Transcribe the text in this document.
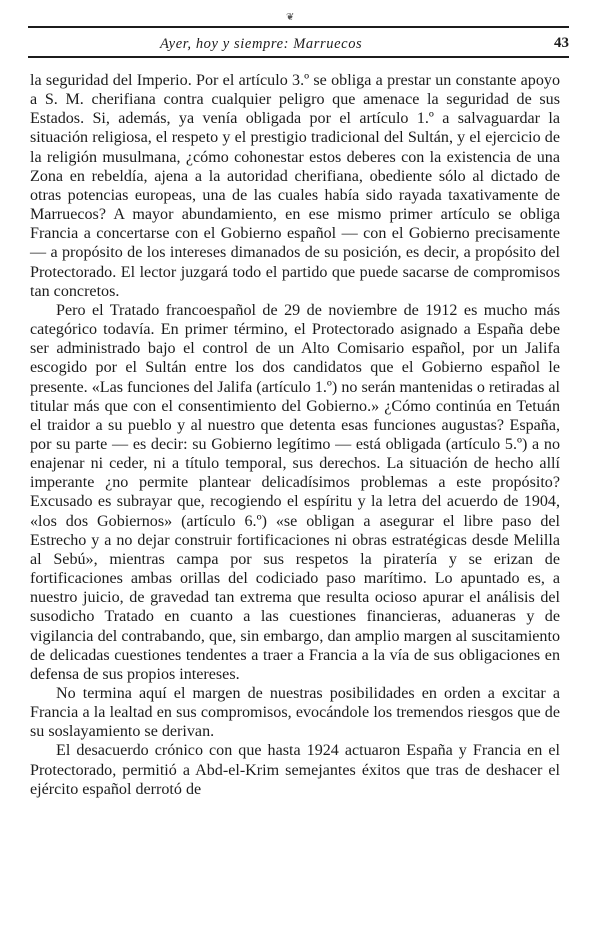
❦
Ayer, hoy y siempre: Marruecos	43

la seguridad del Imperio. Por el artículo 3.º se obliga a prestar un constante apoyo a S. M. cherifiana contra cualquier peligro que amenace la seguridad de sus Estados. Si, además, ya venía obligada por el artículo 1.º a salvaguardar la situación religiosa, el respeto y el prestigio tradicional del Sultán, y el ejercicio de la religión musulmana, ¿cómo cohonestar estos deberes con la existencia de una Zona en rebeldía, ajena a la autoridad cherifiana, obediente sólo al dictado de otras potencias europeas, una de las cuales había sido rayada taxativamente de Marruecos? A mayor abundamiento, en ese mismo primer artículo se obliga Francia a concertarse con el Gobierno español — con el Gobierno precisamente — a propósito de los intereses dimanados de su posición, es decir, a propósito del Protectorado. El lector juzgará todo el partido que puede sacarse de compromisos tan concretos.

Pero el Tratado francoespañol de 29 de noviembre de 1912 es mucho más categórico todavía. En primer término, el Protectorado asignado a España debe ser administrado bajo el control de un Alto Comisario español, por un Jalifa escogido por el Sultán entre los dos candidatos que el Gobierno español le presente. «Las funciones del Jalifa (artículo 1.º) no serán mantenidas o retiradas al titular más que con el consentimiento del Gobierno.» ¿Cómo continúa en Tetuán el traidor a su pueblo y al nuestro que detenta esas funciones augustas? España, por su parte — es decir: su Gobierno legítimo — está obligada (artículo 5.º) a no enajenar ni ceder, ni a título temporal, sus derechos. La situación de hecho allí imperante ¿no permite plantear delicadísimos problemas a este propósito? Excusado es subrayar que, recogiendo el espíritu y la letra del acuerdo de 1904, «los dos Gobiernos» (artículo 6.º) «se obligan a asegurar el libre paso del Estrecho y a no dejar construir fortificaciones ni obras estratégicas desde Melilla al Sebú», mientras campa por sus respetos la piratería y se erizan de fortificaciones ambas orillas del codiciado paso marítimo. Lo apuntado es, a nuestro juicio, de gravedad tan extrema que resulta ocioso apurar el análisis del susodicho Tratado en cuanto a las cuestiones financieras, aduaneras y de vigilancia del contrabando, que, sin embargo, dan amplio margen al suscitamiento de delicadas cuestiones tendentes a traer a Francia a la vía de sus obligaciones en defensa de sus propios intereses.

No termina aquí el margen de nuestras posibilidades en orden a excitar a Francia a la lealtad en sus compromisos, evocándole los tremendos riesgos que de su soslayamiento se derivan.

El desacuerdo crónico con que hasta 1924 actuaron España y Francia en el Protectorado, permitió a Abd-el-Krim semejantes éxitos que tras de deshacer el ejército español derrotó de
